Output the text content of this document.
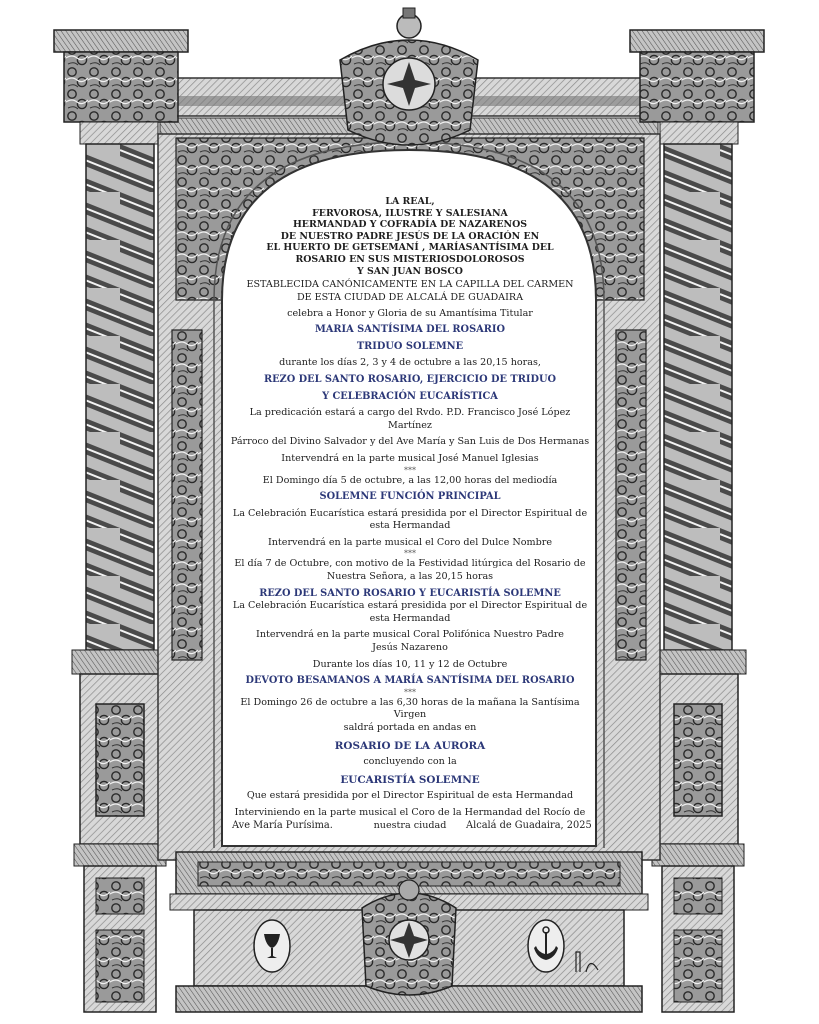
LA REAL,

FERVOROSA, ILUSTRE Y SALESIANA

HERMANDAD Y COFRADÍA DE NAZARENOS

DE NUESTRO PADRE JESÚS DE LA ORACIÓN EN

EL HUERTO DE GETSEMANÍ , MARÍASANTÍSIMA DEL

ROSARIO EN SUS MISTERIOSDOLOROSOS

Y SAN JUAN BOSCO

ESTABLECIDA CANÓNICAMENTE EN LA CAPILLA DEL CARMEN

DE ESTA CIUDAD DE ALCALÁ DE GUADAIRA

celebra a Honor y Gloria de su Amantísima Titular

MARIA SANTÍSIMA DEL ROSARIO

TRIDUO SOLEMNE

durante los días 2, 3 y 4 de octubre a las 20,15 horas,

REZO DEL SANTO ROSARIO, EJERCICIO DE TRIDUO

Y CELEBRACIÓN EUCARÍSTICA

La predicación estará a cargo del Rvdo. P.D. Francisco José López Martínez

Párroco del Divino Salvador y del Ave María y San Luis de Dos Hermanas

Intervendrá en la parte musical José Manuel Iglesias

***

El Domingo día 5 de octubre, a las 12,00 horas del mediodía

SOLEMNE FUNCIÓN PRINCIPAL

La Celebración Eucarística estará presidida por el Director Espiritual de

esta Hermandad

Intervendrá en la parte musical el Coro del Dulce Nombre

***

El día 7 de Octubre, con motivo de la Festividad litúrgica del Rosario de

Nuestra Señora, a las 20,15 horas

REZO DEL SANTO ROSARIO Y EUCARISTÍA SOLEMNE

La Celebración Eucarística estará presidida por el Director Espiritual de

esta Hermandad

Intervendrá en la parte musical Coral Polifónica Nuestro Padre

Jesús Nazareno

Durante los días 10, 11 y 12 de Octubre

DEVOTO BESAMANOS A MARÍA SANTÍSIMA DEL ROSARIO

***

El Domingo 26 de octubre a las 6,30 horas de la mañana la Santísima Virgen

saldrá portada en andas en

ROSARIO DE LA AURORA

concluyendo con la

EUCARISTÍA SOLEMNE

Que estará presidida por el Director Espiritual de esta Hermandad

Interviniendo en la parte musical el Coro de la Hermandad del Rocío de

nuestra ciudad

Ave María Purísima.	Alcalá de Guadaira, 2025
